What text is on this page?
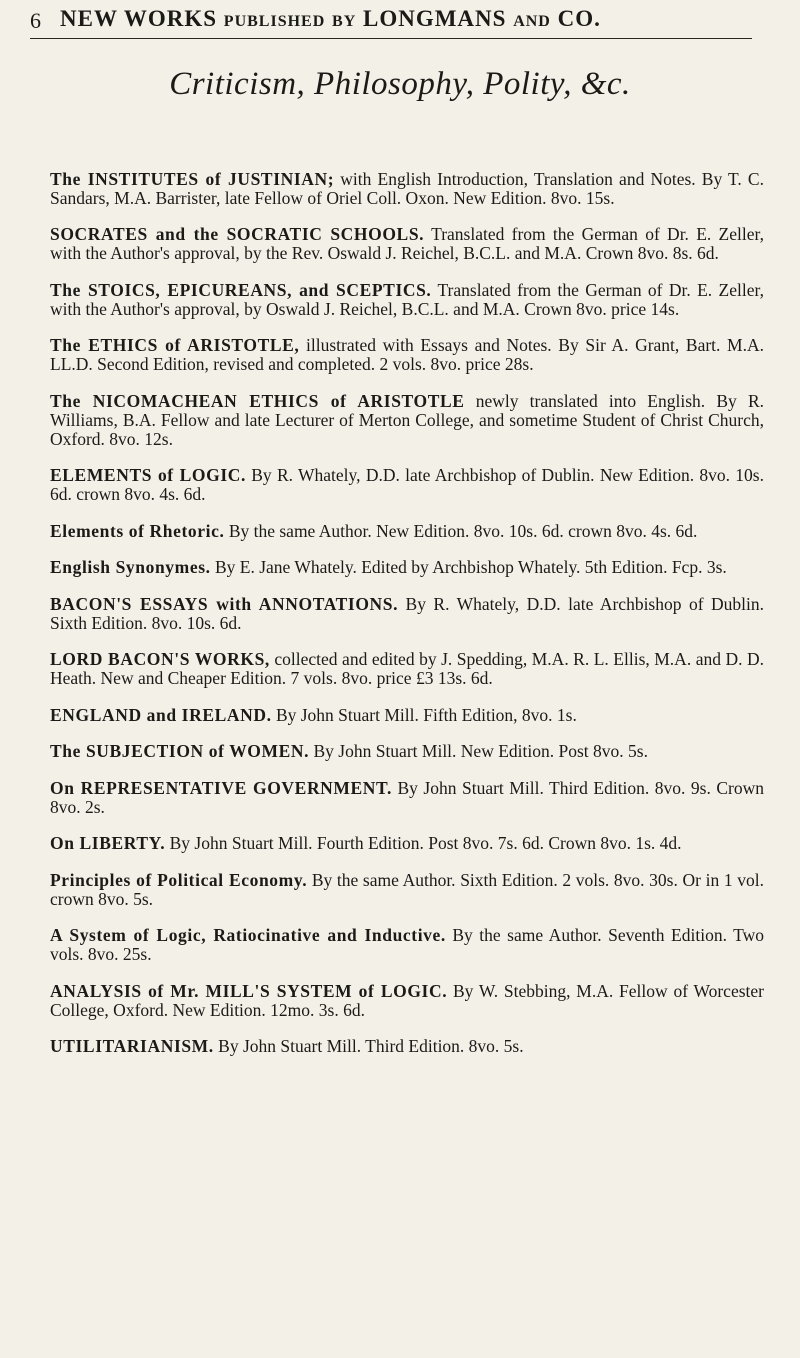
6 NEW WORKS published by LONGMANS and CO.
Criticism, Philosophy, Polity, &c.

The INSTITUTES of JUSTINIAN; with English Introduction, Translation and Notes. By T. C. Sandars, M.A. Barrister, late Fellow of Oriel Coll. Oxon. New Edition. 8vo. 15s.

SOCRATES and the SOCRATIC SCHOOLS. Translated from the German of Dr. E. Zeller, with the Author's approval, by the Rev. Oswald J. Reichel, B.C.L. and M.A. Crown 8vo. 8s. 6d.

The STOICS, EPICUREANS, and SCEPTICS. Translated from the German of Dr. E. Zeller, with the Author's approval, by Oswald J. Reichel, B.C.L. and M.A. Crown 8vo. price 14s.

The ETHICS of ARISTOTLE, illustrated with Essays and Notes. By Sir A. Grant, Bart. M.A. LL.D. Second Edition, revised and completed. 2 vols. 8vo. price 28s.

The NICOMACHEAN ETHICS of ARISTOTLE newly translated into English. By R. Williams, B.A. Fellow and late Lecturer of Merton College, and sometime Student of Christ Church, Oxford. 8vo. 12s.

ELEMENTS of LOGIC. By R. Whately, D.D. late Archbishop of Dublin. New Edition. 8vo. 10s. 6d. crown 8vo. 4s. 6d.

Elements of Rhetoric. By the same Author. New Edition. 8vo. 10s. 6d. crown 8vo. 4s. 6d.

English Synonymes. By E. Jane Whately. Edited by Archbishop Whately. 5th Edition. Fcp. 3s.

BACON'S ESSAYS with ANNOTATIONS. By R. Whately, D.D. late Archbishop of Dublin. Sixth Edition. 8vo. 10s. 6d.

LORD BACON'S WORKS, collected and edited by J. Spedding, M.A. R. L. Ellis, M.A. and D. D. Heath. New and Cheaper Edition. 7 vols. 8vo. price £3 13s. 6d.

ENGLAND and IRELAND. By John Stuart Mill. Fifth Edition, 8vo. 1s.

The SUBJECTION of WOMEN. By John Stuart Mill. New Edition. Post 8vo. 5s.

On REPRESENTATIVE GOVERNMENT. By John Stuart Mill. Third Edition. 8vo. 9s. Crown 8vo. 2s.

On LIBERTY. By John Stuart Mill. Fourth Edition. Post 8vo. 7s. 6d. Crown 8vo. 1s. 4d.

Principles of Political Economy. By the same Author. Sixth Edition. 2 vols. 8vo. 30s. Or in 1 vol. crown 8vo. 5s.

A System of Logic, Ratiocinative and Inductive. By the same Author. Seventh Edition. Two vols. 8vo. 25s.

ANALYSIS of Mr. MILL'S SYSTEM of LOGIC. By W. Stebbing, M.A. Fellow of Worcester College, Oxford. New Edition. 12mo. 3s. 6d.

UTILITARIANISM. By John Stuart Mill. Third Edition. 8vo. 5s.
